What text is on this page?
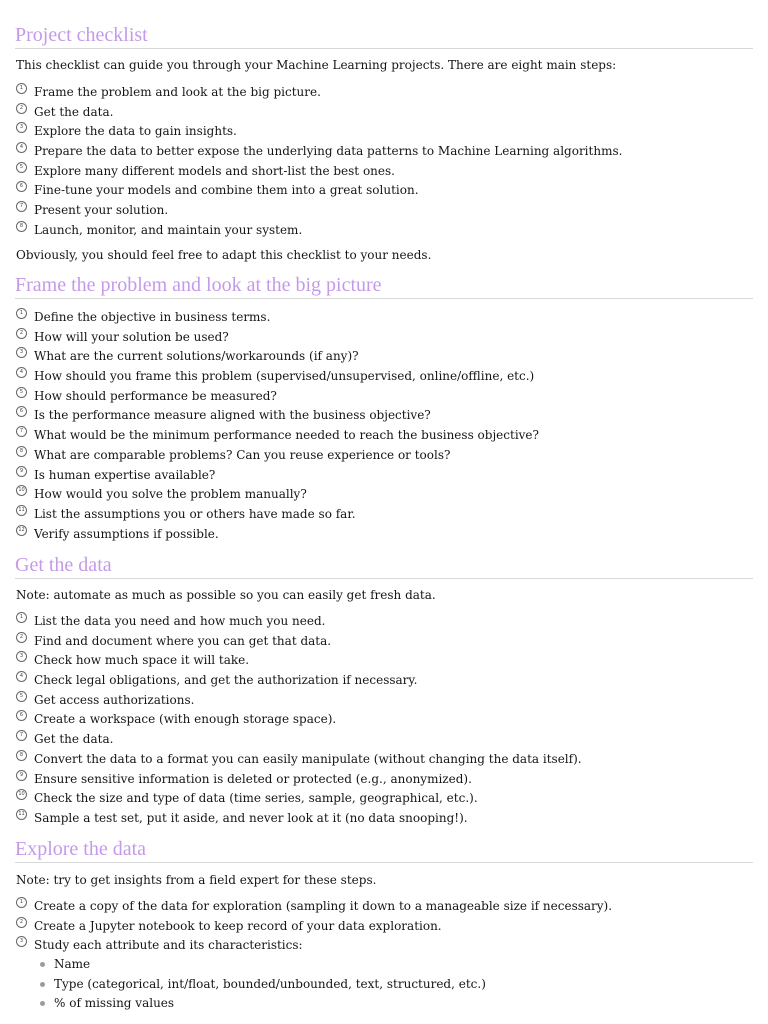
Project checklist

This checklist can guide you through your Machine Learning projects. There are eight main steps:

1 Frame the problem and look at the big picture.
2 Get the data.
3 Explore the data to gain insights.
4 Prepare the data to better expose the underlying data patterns to Machine Learning algorithms.
5 Explore many different models and short-list the best ones.
6 Fine-tune your models and combine them into a great solution.
7 Present your solution.
8 Launch, monitor, and maintain your system.

Obviously, you should feel free to adapt this checklist to your needs.

Frame the problem and look at the big picture
1 Define the objective in business terms.
2 How will your solution be used?
3 What are the current solutions/workarounds (if any)?
4 How should you frame this problem (supervised/unsupervised, online/offline, etc.)
5 How should performance be measured?
6 Is the performance measure aligned with the business objective?
7 What would be the minimum performance needed to reach the business objective?
8 What are comparable problems? Can you reuse experience or tools?
9 Is human expertise available?
10 How would you solve the problem manually?
11 List the assumptions you or others have made so far.
12 Verify assumptions if possible.
Get the data

Note: automate as much as possible so you can easily get fresh data.

1 List the data you need and how much you need.
2 Find and document where you can get that data.
3 Check how much space it will take.
4 Check legal obligations, and get the authorization if necessary.
5 Get access authorizations.
6 Create a workspace (with enough storage space).
7 Get the data.
8 Convert the data to a format you can easily manipulate (without changing the data itself).
9 Ensure sensitive information is deleted or protected (e.g., anonymized).
10 Check the size and type of data (time series, sample, geographical, etc.).
11 Sample a test set, put it aside, and never look at it (no data snooping!).
Explore the data

Note: try to get insights from a field expert for these steps.

1 Create a copy of the data for exploration (sampling it down to a manageable size if necessary).
2 Create a Jupyter notebook to keep record of your data exploration.
3 Study each attribute and its characteristics:
Name
Type (categorical, int/float, bounded/unbounded, text, structured, etc.)
% of missing values
